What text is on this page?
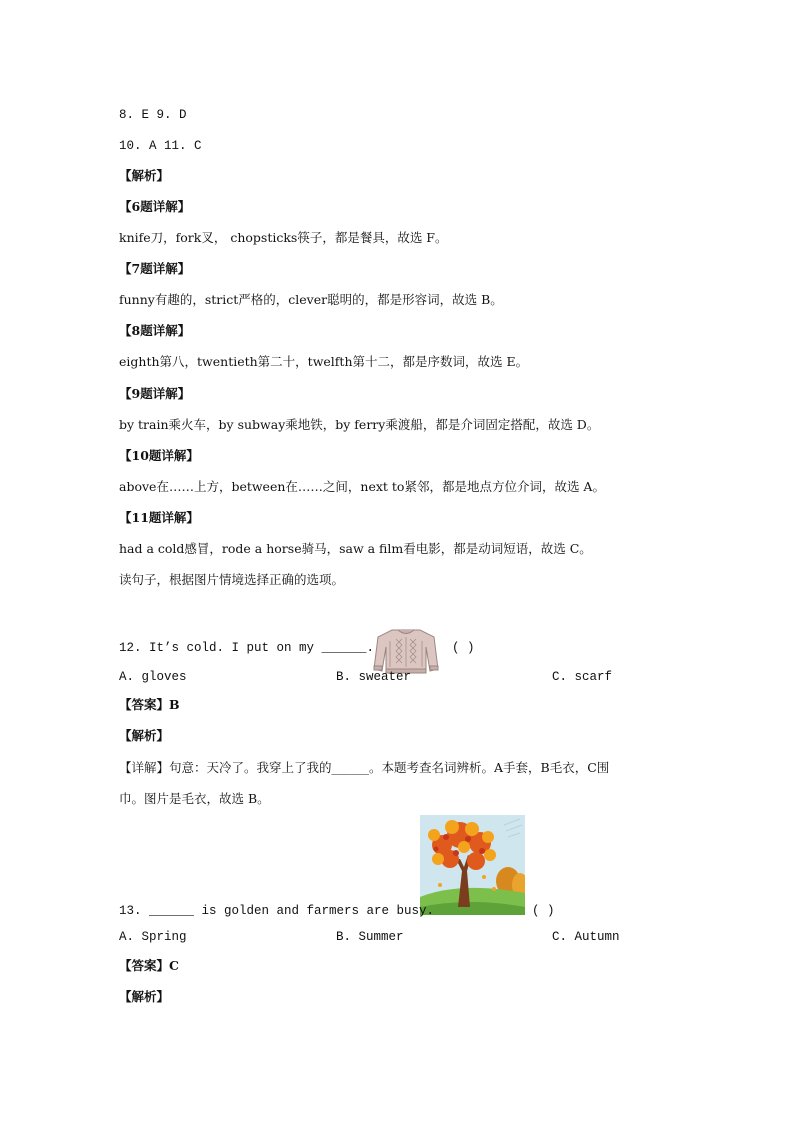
8. E 9. D
10. A 11. C
【解析】
【6题详解】
knife刀，fork叉， chopsticks筷子，都是餐具，故选 F。
【7题详解】
funny有趣的，strict严格的，clever聪明的，都是形容词，故选 B。
【8题详解】
eighth第八，twentieth第二十，twelfth第十二，都是序数词，故选 E。
【9题详解】
by train乘火车，by subway乘地铁，by ferry乘渡船，都是介词固定搭配，故选 D。
【10题详解】
above在……上方，between在……之间，next to紧邻，都是地点方位介词，故选 A。
【11题详解】
had a cold感冒，rode a horse骑马，saw a film看电影，都是动词短语，故选 C。
读句子，根据图片情境选择正确的选项。
12. It’s cold. I put on my ______.	( )
A. gloves	B. sweater	C. scarf
【答案】B
【解析】
【详解】句意：天冷了。我穿上了我的______。本题考查名词辨析。A手套，B毛衣，C围
巾。图片是毛衣，故选 B。
13. ______ is golden and farmers are busy.	( )
A. Spring	B. Summer	C. Autumn
【答案】C
【解析】
